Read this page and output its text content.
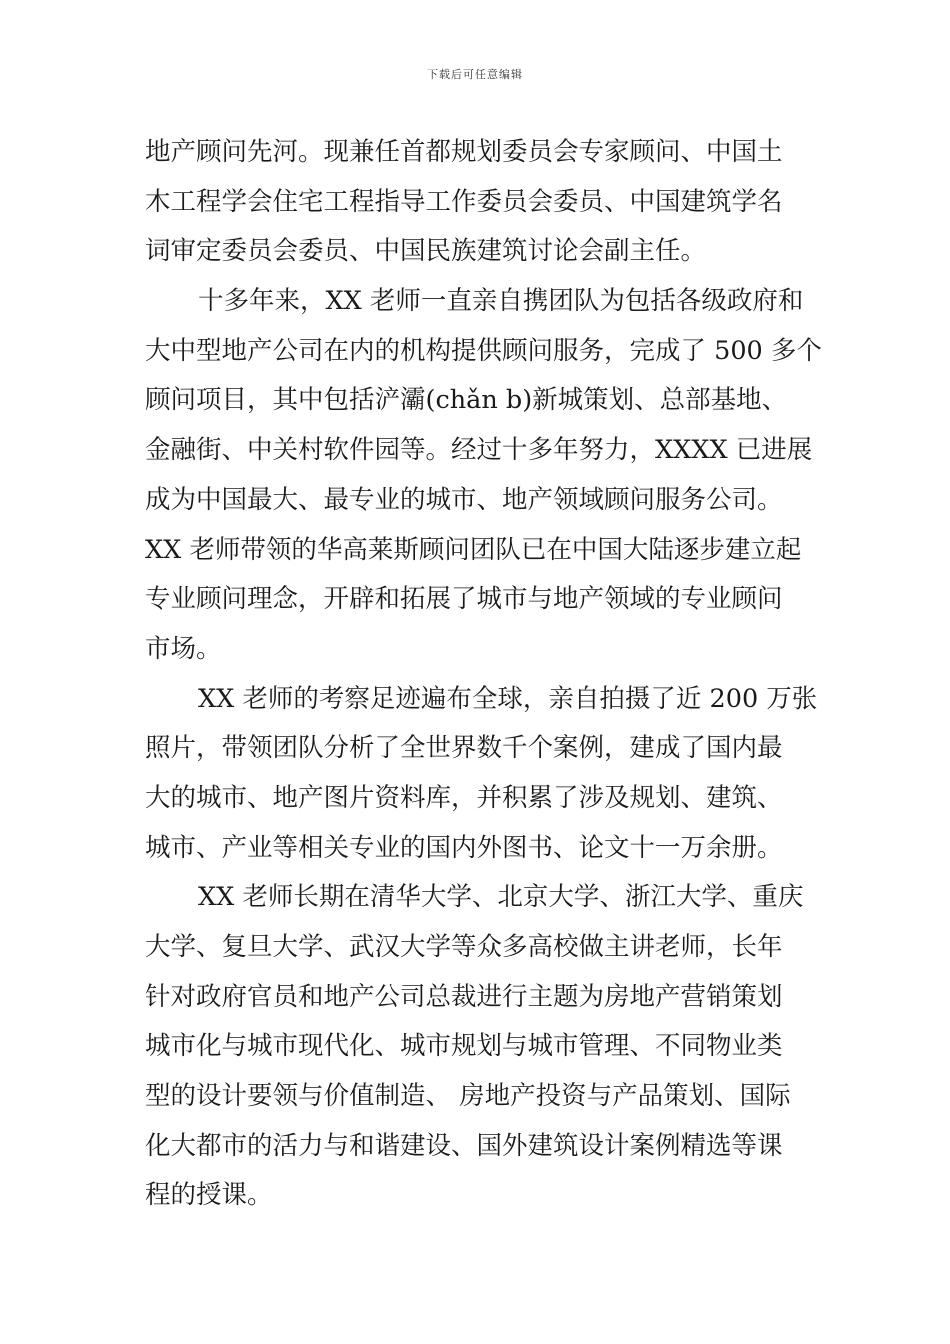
下载后可任意编辑
地产顾问先河。现兼任首都规划委员会专家顾问、中国土
木工程学会住宅工程指导工作委员会委员、中国建筑学名
词审定委员会委员、中国民族建筑讨论会副主任。
十多年来，XX 老师一直亲自携团队为包括各级政府和
大中型地产公司在内的机构提供顾问服务，完成了 500 多个
顾问项目，其中包括浐灞(chǎn b)新城策划、总部基地、
金融街、中关村软件园等。经过十多年努力，XXXX 已进展
成为中国最大、最专业的城市、地产领域顾问服务公司。
XX 老师带领的华高莱斯顾问团队已在中国大陆逐步建立起
专业顾问理念，开辟和拓展了城市与地产领域的专业顾问
市场。
XX 老师的考察足迹遍布全球，亲自拍摄了近 200 万张
照片，带领团队分析了全世界数千个案例，建成了国内最
大的城市、地产图片资料库，并积累了涉及规划、建筑、
城市、产业等相关专业的国内外图书、论文十一万余册。
XX 老师长期在清华大学、北京大学、浙江大学、重庆
大学、复旦大学、武汉大学等众多高校做主讲老师，长年
针对政府官员和地产公司总裁进行主题为房地产营销策划
城市化与城市现代化、城市规划与城市管理、不同物业类
型的设计要领与价值制造、 房地产投资与产品策划、国际
化大都市的活力与和谐建设、国外建筑设计案例精选等课
程的授课。
